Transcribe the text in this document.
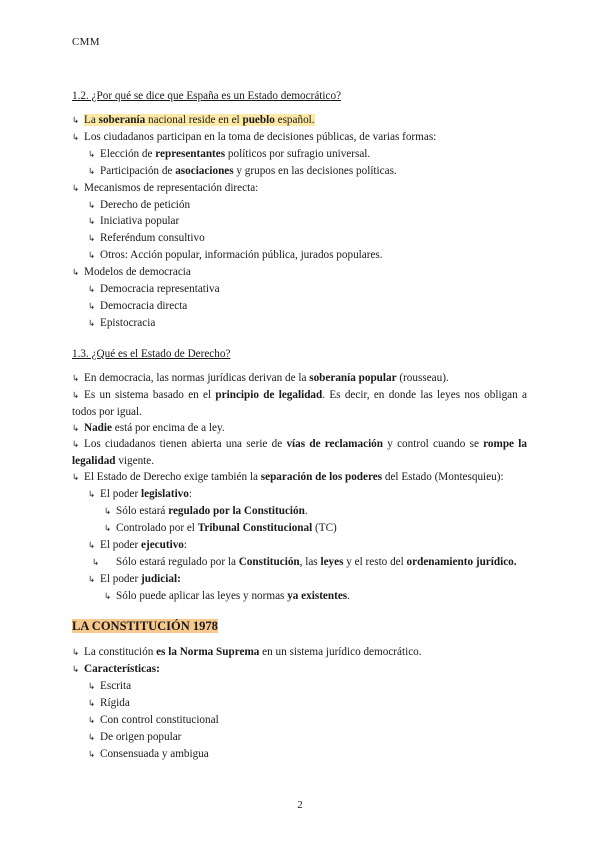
CMM
1.2. ¿Por qué se dice que España es un Estado democrático?
↳ La soberanía nacional reside en el pueblo español.
↳ Los ciudadanos participan en la toma de decisiones públicas, de varias formas:
↳ Elección de representantes políticos por sufragio universal.
↳ Participación de asociaciones y grupos en las decisiones políticas.
↳ Mecanismos de representación directa:
↳ Derecho de petición
↳ Iniciativa popular
↳ Referéndum consultivo
↳ Otros: Acción popular, información pública, jurados populares.
↳ Modelos de democracia
↳ Democracia representativa
↳ Democracia directa
↳ Epistocracia
1.3. ¿Qué es el Estado de Derecho?
↳ En democracia, las normas jurídicas derivan de la soberanía popular (rousseau).
↳ Es un sistema basado en el principio de legalidad. Es decir, en donde las leyes nos obligan a todos por igual.
↳ Nadie está por encima de a ley.
↳ Los ciudadanos tienen abierta una serie de vías de reclamación y control cuando se rompe la legalidad vigente.
↳ El Estado de Derecho exige también la separación de los poderes del Estado (Montesquieu):
↳ El poder legislativo:
↳ Sólo estará regulado por la Constitución.
↳ Controlado por el Tribunal Constitucional (TC)
↳ El poder ejecutivo:
↳ Sólo estará regulado por la Constitución, las leyes y el resto del ordenamiento jurídico.
↳ El poder judicial:
↳ Sólo puede aplicar las leyes y normas ya existentes.
LA CONSTITUCIÓN 1978
↳ La constitución es la Norma Suprema en un sistema jurídico democrático.
↳ Características:
↳ Escrita
↳ Rígida
↳ Con control constitucional
↳ De origen popular
↳ Consensuada y ambigua
2
